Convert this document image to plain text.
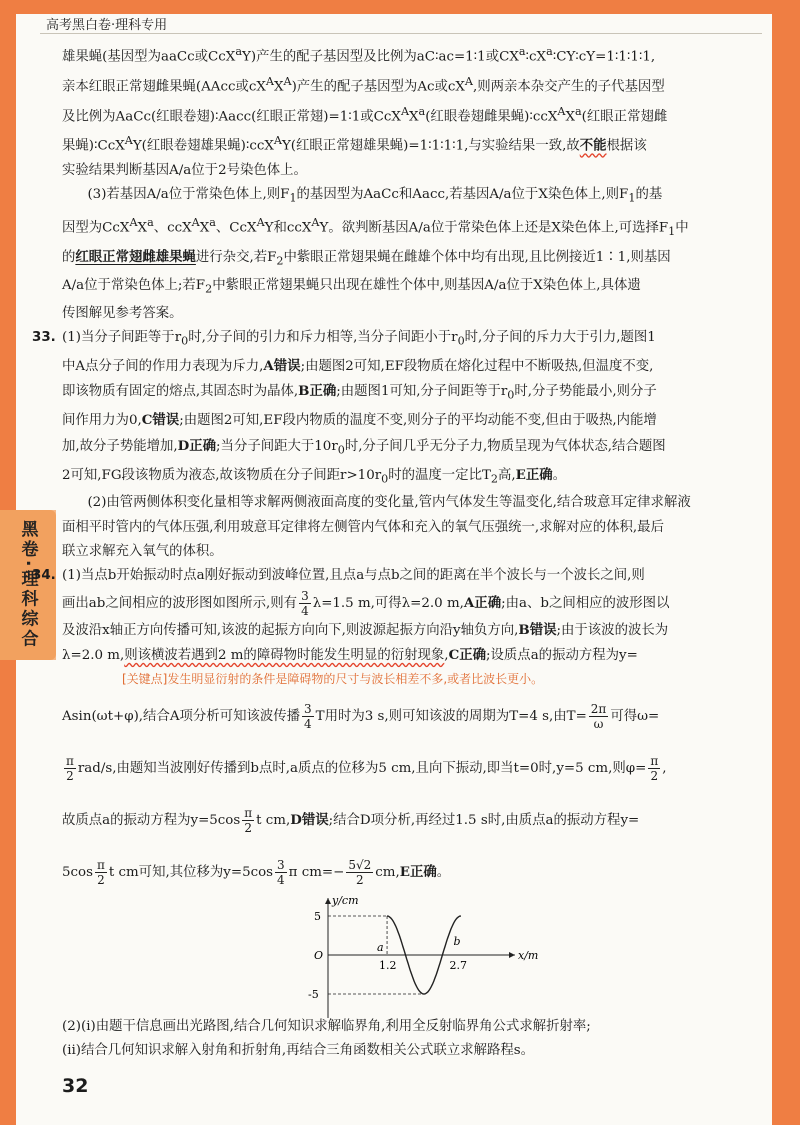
高考黑白卷·理科专用
黑卷·理科综合

雄果蝇(基因型为aaCc或CcX$^a$Y)产生的配子基因型及比例为aC∶ac=1∶1或$CX^a∶cX^a∶CY∶cY=1∶1∶1∶1$,
亲本红眼正常翅雌果蝇(AAcc或$cX^AX^A$)产生的配子基因型为Ac或$cX^A$,则两亲本杂交产生的子代基因型
及比例为AaCc(红眼卷翅)∶Aacc(红眼正常翅)=1∶1或$CcX^AX^a$(红眼卷翅雌果蝇)$∶ccX^AX^a$(红眼正常翅雌
果蝇)∶CcX$^A$Y(红眼卷翅雄果蝇)∶ccX$^A$Y(红眼正常翅雄果蝇)=1∶1∶1∶1,与实验结果一致,故不能根据该
实验结果判断基因A/a位于2号染色体上。

(3)若基因A/a位于常染色体上,则$F_1$的基因型为AaCc和Aacc,若基因A/a位于X染色体上,则$F_1$的基
因型为$CcX^AX^a$、$ccX^AX^a$、CcX$^A$Y和ccX$^A$Y。欲判断基因A/a位于常染色体上还是X染色体上,可选择$F_1$中
的红眼正常翅雌雄果蝇进行杂交,若$F_2$中紫眼正常翅果蝇在雌雄个体中均有出现,且比例接近1∶1,则基因
A/a位于常染色体上;若$F_2$中紫眼正常翅果蝇只出现在雄性个体中,则基因A/a位于X染色体上,具体遗
传图解见参考答案。

33. (1)当分子间距等于$r_0$时,分子间的引力和斥力相等,当分子间距小于$r_0$时,分子间的斥力大于引力,题图1
中A点分子间的作用力表现为斥力,A错误;由题图2可知,EF段物质在熔化过程中不断吸热,但温度不变,
即该物质有固定的熔点,其固态时为晶体,B正确;由题图1可知,分子间距等于$r_0$时,分子势能最小,则分子
间作用力为0,C错误;由题图2可知,EF段内物质的温度不变,则分子的平均动能不变,但由于吸热,内能增
加,故分子势能增加,D正确;当分子间距大于$10r_0$时,分子间几乎无分子力,物质呈现为气体状态,结合题图
2可知,FG段该物质为液态,故该物质在分子间距$r>10r_0$时的温度一定比$T_2$高,E正确。

(2)由管两侧体积变化量相等求解两侧液面高度的变化量,管内气体发生等温变化,结合玻意耳定律求解液
面相平时管内的气体压强,利用玻意耳定律将左侧管内气体和充入的氧气压强统一,求解对应的体积,最后
联立求解充入氧气的体积。

34. (1)当点b开始振动时点a刚好振动到波峰位置,且点a与点b之间的距离在半个波长与一个波长之间,则
画出ab之间相应的波形图如图所示,则有 $\frac{3}{4} \lambda=1.5$ m,可得λ=2.0 m,A正确;由a、b之间相应的波形图以
及波沿x轴正方向传播可知,该波的起振方向向下,则波源起振方向沿y轴负方向,B错误;由于该波的波长为
λ=2.0 m,则该横波若遇到2 m的障碍物时能发生明显的衍射现象,C正确;设质点a的振动方程为y=

[关键点]发生明显衍射的条件是障碍物的尺寸与波长相差不多,或者比波长更小。

Asin(ωt+φ),结合A项分析可知该波传播 $\frac{3}{4}$ T用时为3 s,则可知该波的周期为T=4 s,由$T= \frac{2\pi}{\omega}$ 可得ω=

$\frac{\pi}{2} rad/s$,由题知当波刚好传播到b点时,a质点的位移为5 cm,且向下振动,即当t=0时,y=5 cm,则$\varphi= \frac{\pi}{2}$ ,

故质点a的振动方程为$y=5\cos \frac{\pi}{2}$ t cm,D错误;结合D项分析,再经过1.5 s时,由质点a的振动方程y=

$5\cos \frac{\pi}{2}$ t cm可知,其位移为$y=5\cos \frac{3}{4}$ π $cm=- \frac{5√2}{2} cm,E$正确。

y/cm
x/m
O
5
-5
a
1.2
b
2.7

(2)(ⅰ)由题干信息画出光路图,结合几何知识求解临界角,利用全反射临界角公式求解折射率;

(ⅱ)结合几何知识求解入射角和折射角,再结合三角函数相关公式联立求解路程s。

32
